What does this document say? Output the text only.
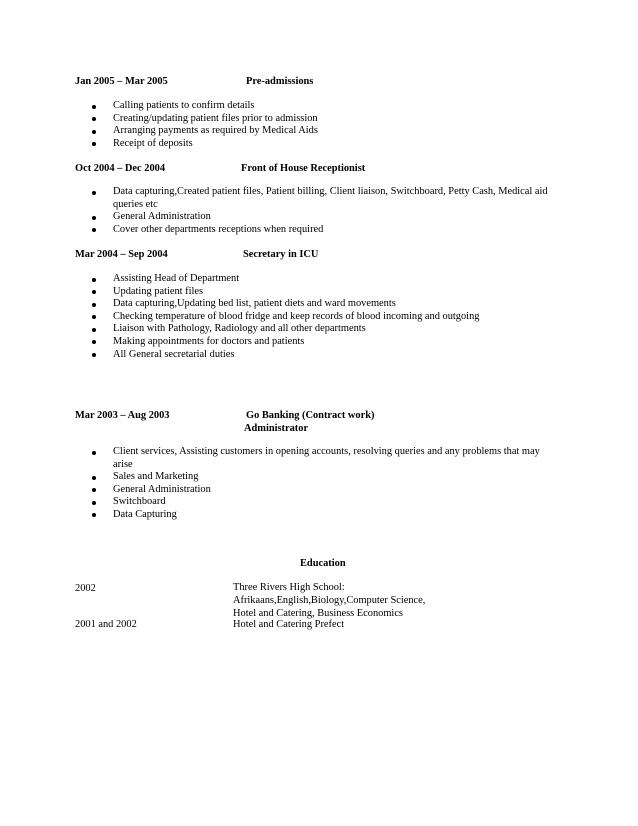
Jan 2005 – Mar 2005	Pre-admissions
Calling patients to confirm details
Creating/updating patient files prior to admission
Arranging payments as required by Medical Aids
Receipt of deposits
Oct 2004 – Dec 2004	Front of House Receptionist
Data capturing,Created patient files, Patient billing, Client liaison, Switchboard, Petty Cash, Medical aid queries etc
General Administration
Cover other departments receptions when required
Mar 2004 – Sep 2004	Secretary in ICU
Assisting Head of Department
Updating patient files
Data capturing,Updating bed list, patient diets and ward movements
Checking temperature of blood fridge and keep records of blood incoming and outgoing
Liaison with Pathology, Radiology and all other departments
Making appointments for doctors and patients
All General secretarial duties
Mar 2003 – Aug 2003	Go Banking (Contract work)
Administrator
Client services, Assisting customers in opening accounts, resolving queries and any problems that may arise
Sales and Marketing
General Administration
Switchboard
Data Capturing
Education
2002	Three Rivers High School:
Afrikaans,English,Biology,Computer Science,
Hotel and Catering, Business Economics
2001 and 2002	Hotel and Catering Prefect
